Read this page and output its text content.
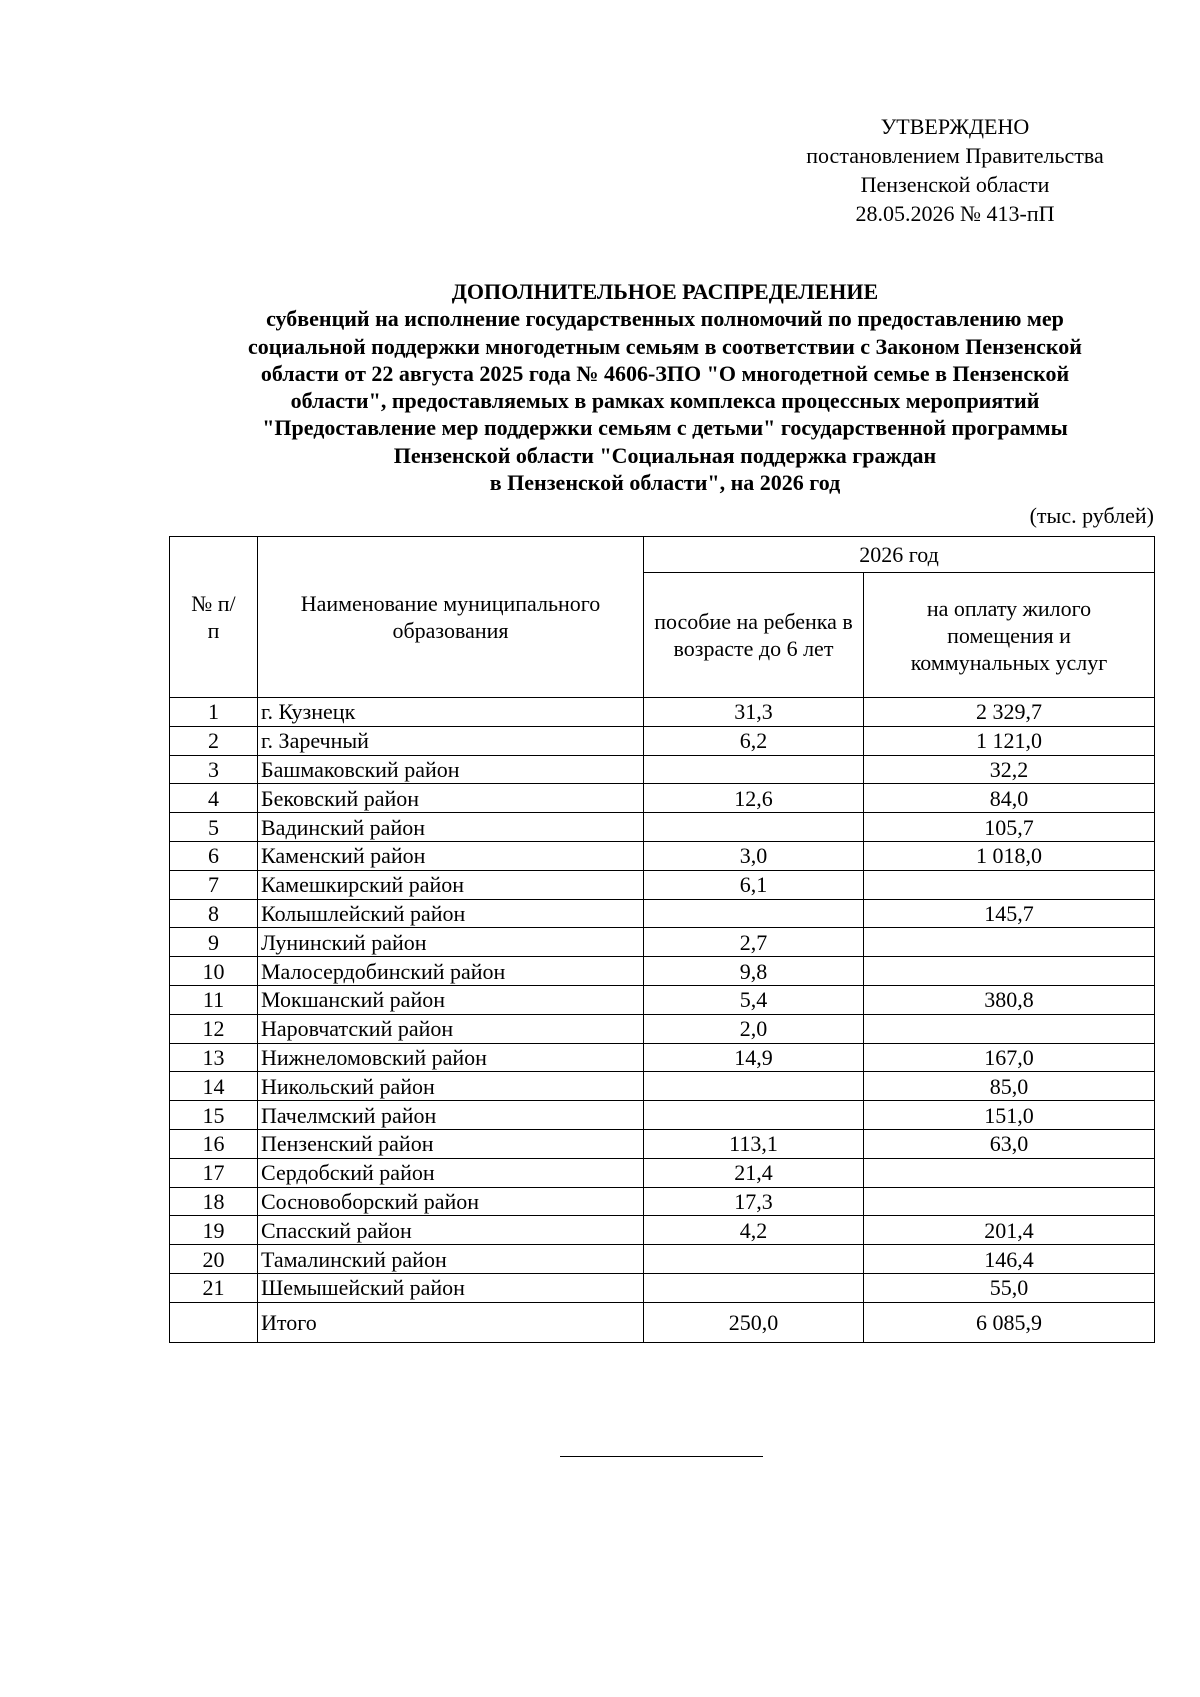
УТВЕРЖДЕНО
постановлением Правительства
Пензенской области
28.05.2026 № 413-пП
ДОПОЛНИТЕЛЬНОЕ РАСПРЕДЕЛЕНИЕ
субвенций на исполнение государственных полномочий по предоставлению мер
социальной поддержки многодетным семьям в соответствии с Законом Пензенской
области от 22 августа 2025 года № 4606-ЗПО "О многодетной семье в Пензенской
области", предоставляемых в рамках комплекса процессных мероприятий
"Предоставление мер поддержки семьям с детьми" государственной программы
Пензенской области "Социальная поддержка граждан
в Пензенской области", на 2026 год
(тыс. рублей)
№ п/п	Наименование муниципального образования	2026 год	
		пособие на ребенка в возрасте до 6 лет	на оплату жилого помещения и коммунальных услуг
1	г. Кузнецк	31,3	2 329,7
2	г. Заречный	6,2	1 121,0
3	Башмаковский район		32,2
4	Бековский район	12,6	84,0
5	Вадинский район		105,7
6	Каменский район	3,0	1 018,0
7	Камешкирский район	6,1	
8	Колышлейский район		145,7
9	Лунинский район	2,7	
10	Малосердобинский район	9,8	
11	Мокшанский район	5,4	380,8
12	Наровчатский район	2,0	
13	Нижнеломовский район	14,9	167,0
14	Никольский район		85,0
15	Пачелмский район		151,0
16	Пензенский район	113,1	63,0
17	Сердобский район	21,4	
18	Сосновоборский район	17,3	
19	Спасский район	4,2	201,4
20	Тамалинский район		146,4
21	Шемышейский район		55,0
	Итого	250,0	6 085,9
